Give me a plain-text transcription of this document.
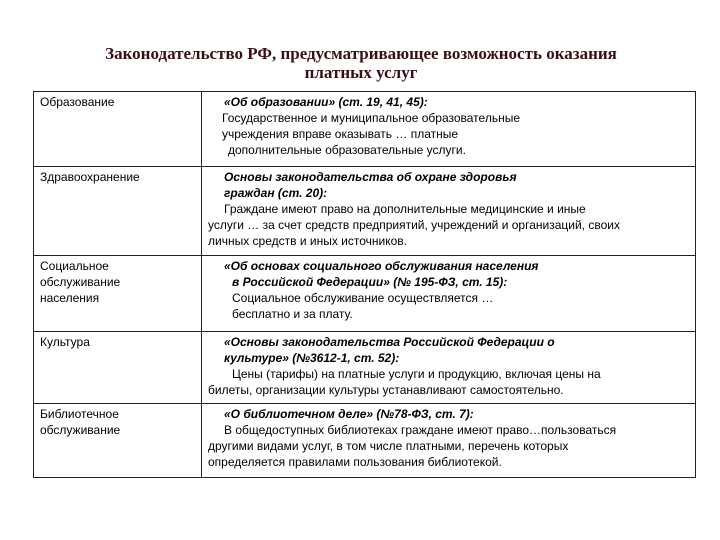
Законодательство РФ, предусматривающее возможность оказания
платных услуг
Образование	«Об образовании» (ст. 19, 41, 45):
Государственное и муниципальное образовательные
учреждения вправе оказывать … платные
дополнительные образовательные услуги.

Здравоохранение	Основы законодательства об охране здоровья
граждан (ст. 20):
Граждане имеют право на дополнительные медицинские и иные
услуги … за счет средств предприятий, учреждений и организаций, своих
личных средств и иных источников.

Социальное
обслуживание
населения	«Об основах социального обслуживания населения
в Российской Федерации» (№ 195-ФЗ, ст. 15):
Социальное обслуживание осуществляется …
бесплатно и за плату.

Культура	«Основы законодательства Российской Федерации о
культуре» (№3612-1, ст. 52):
Цены (тарифы) на платные услуги и продукцию, включая цены на
билеты, организации культуры устанавливают самостоятельно.

Библиотечное
обслуживание	«О библиотечном деле» (№78-ФЗ, ст. 7):
В общедоступных библиотеках граждане имеют право…пользоваться
другими видами услуг, в том числе платными, перечень которых
определяется правилами пользования библиотекой.
